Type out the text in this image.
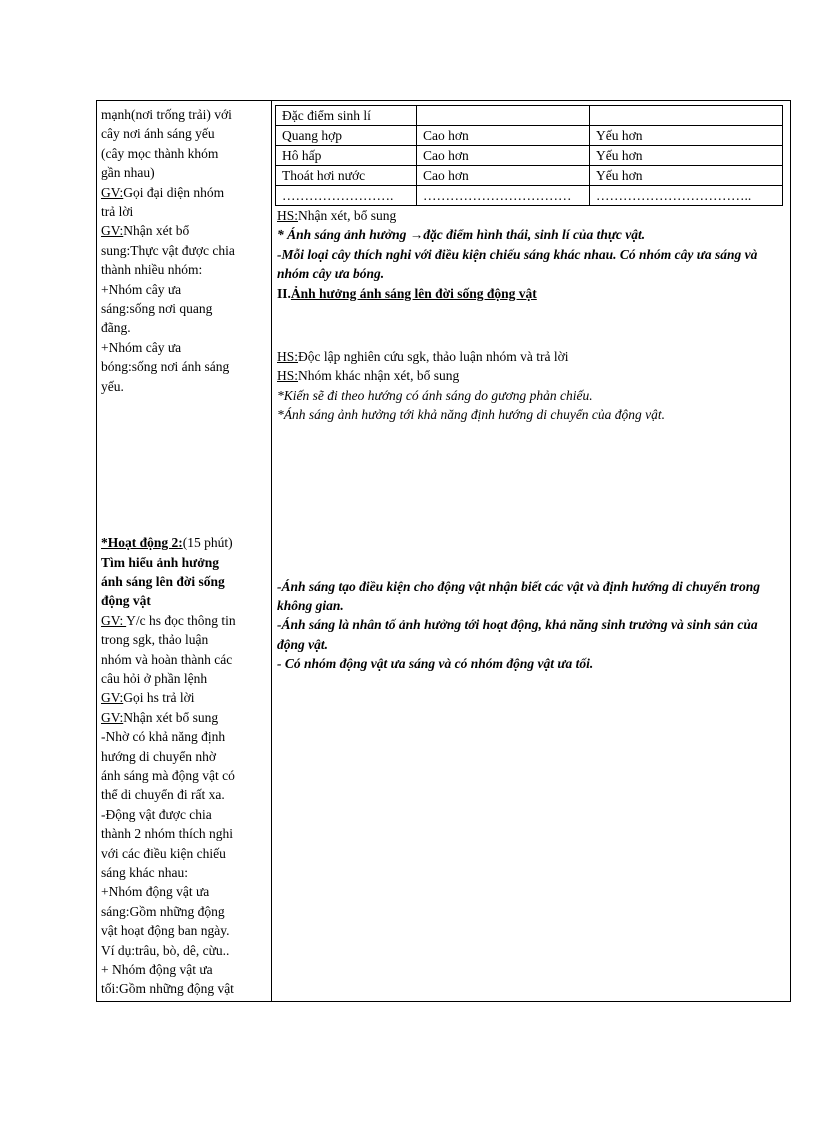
mạnh(nơi trống trải) với

cây nơi ánh sáng yếu

(cây mọc thành khóm

gần nhau)

GV:Gọi đại diện nhóm

trả lời

GV:Nhận xét bổ

sung:Thực vật được chia

thành nhiều nhóm:

+Nhóm cây ưa

sáng:sống nơi quang

đãng.

+Nhóm cây ưa

bóng:sống nơi ánh sáng

yếu.

*Hoạt động 2:(15 phút)

Tìm hiểu ảnh hưởng

ánh sáng lên đời sống

động vật

GV: Y/c hs đọc thông tin

trong sgk, thảo luận

nhóm và hoàn thành các

câu hỏi ở phần lệnh

GV:Gọi hs trả lời

GV:Nhận xét bổ sung

-Nhờ có khả năng định

hướng di chuyển nhờ

ánh sáng mà động vật có

thể di chuyển đi rất xa.

-Động vật được chia

thành 2 nhóm thích nghi

với các điều kiện chiếu

sáng khác nhau:

+Nhóm động vật ưa

sáng:Gồm những động

vật hoạt động ban ngày.

Ví dụ:trâu, bò, dê, cừu..

+ Nhóm động vật ưa

tối:Gồm những động vật

Đặc điểm sinh lí		
Quang hợp	Cao hơn	Yếu hơn
Hô hấp	Cao hơn	Yếu hơn
Thoát hơi nước	Cao hơn	Yếu hơn
…………………….	……………………………	……………………………..

HS:Nhận xét, bổ sung

* Ánh sáng ảnh hưởng →đặc điểm hình thái, sinh lí của thực vật.

-Mỗi loại cây thích nghi với điều kiện chiếu sáng khác nhau. Có nhóm cây ưa sáng và nhóm cây ưa bóng.

II.Ảnh hưởng ánh sáng lên đời sống động vật

HS:Độc lập nghiên cứu sgk, thảo luận nhóm và trả lời

HS:Nhóm khác nhận xét, bổ sung

*Kiến sẽ đi theo hướng có ánh sáng do gương phản chiếu.

*Ánh sáng ảnh hưởng tới khả năng định hướng di chuyển của động vật.

-Ánh sáng tạo điều kiện cho động vật nhận biết các vật và định hướng di chuyển trong không gian.

-Ánh sáng là nhân tố ảnh hưởng tới hoạt động, khả năng sinh trưởng và sinh sản của động vật.

- Có nhóm động vật ưa sáng và có nhóm động vật ưa tối.
